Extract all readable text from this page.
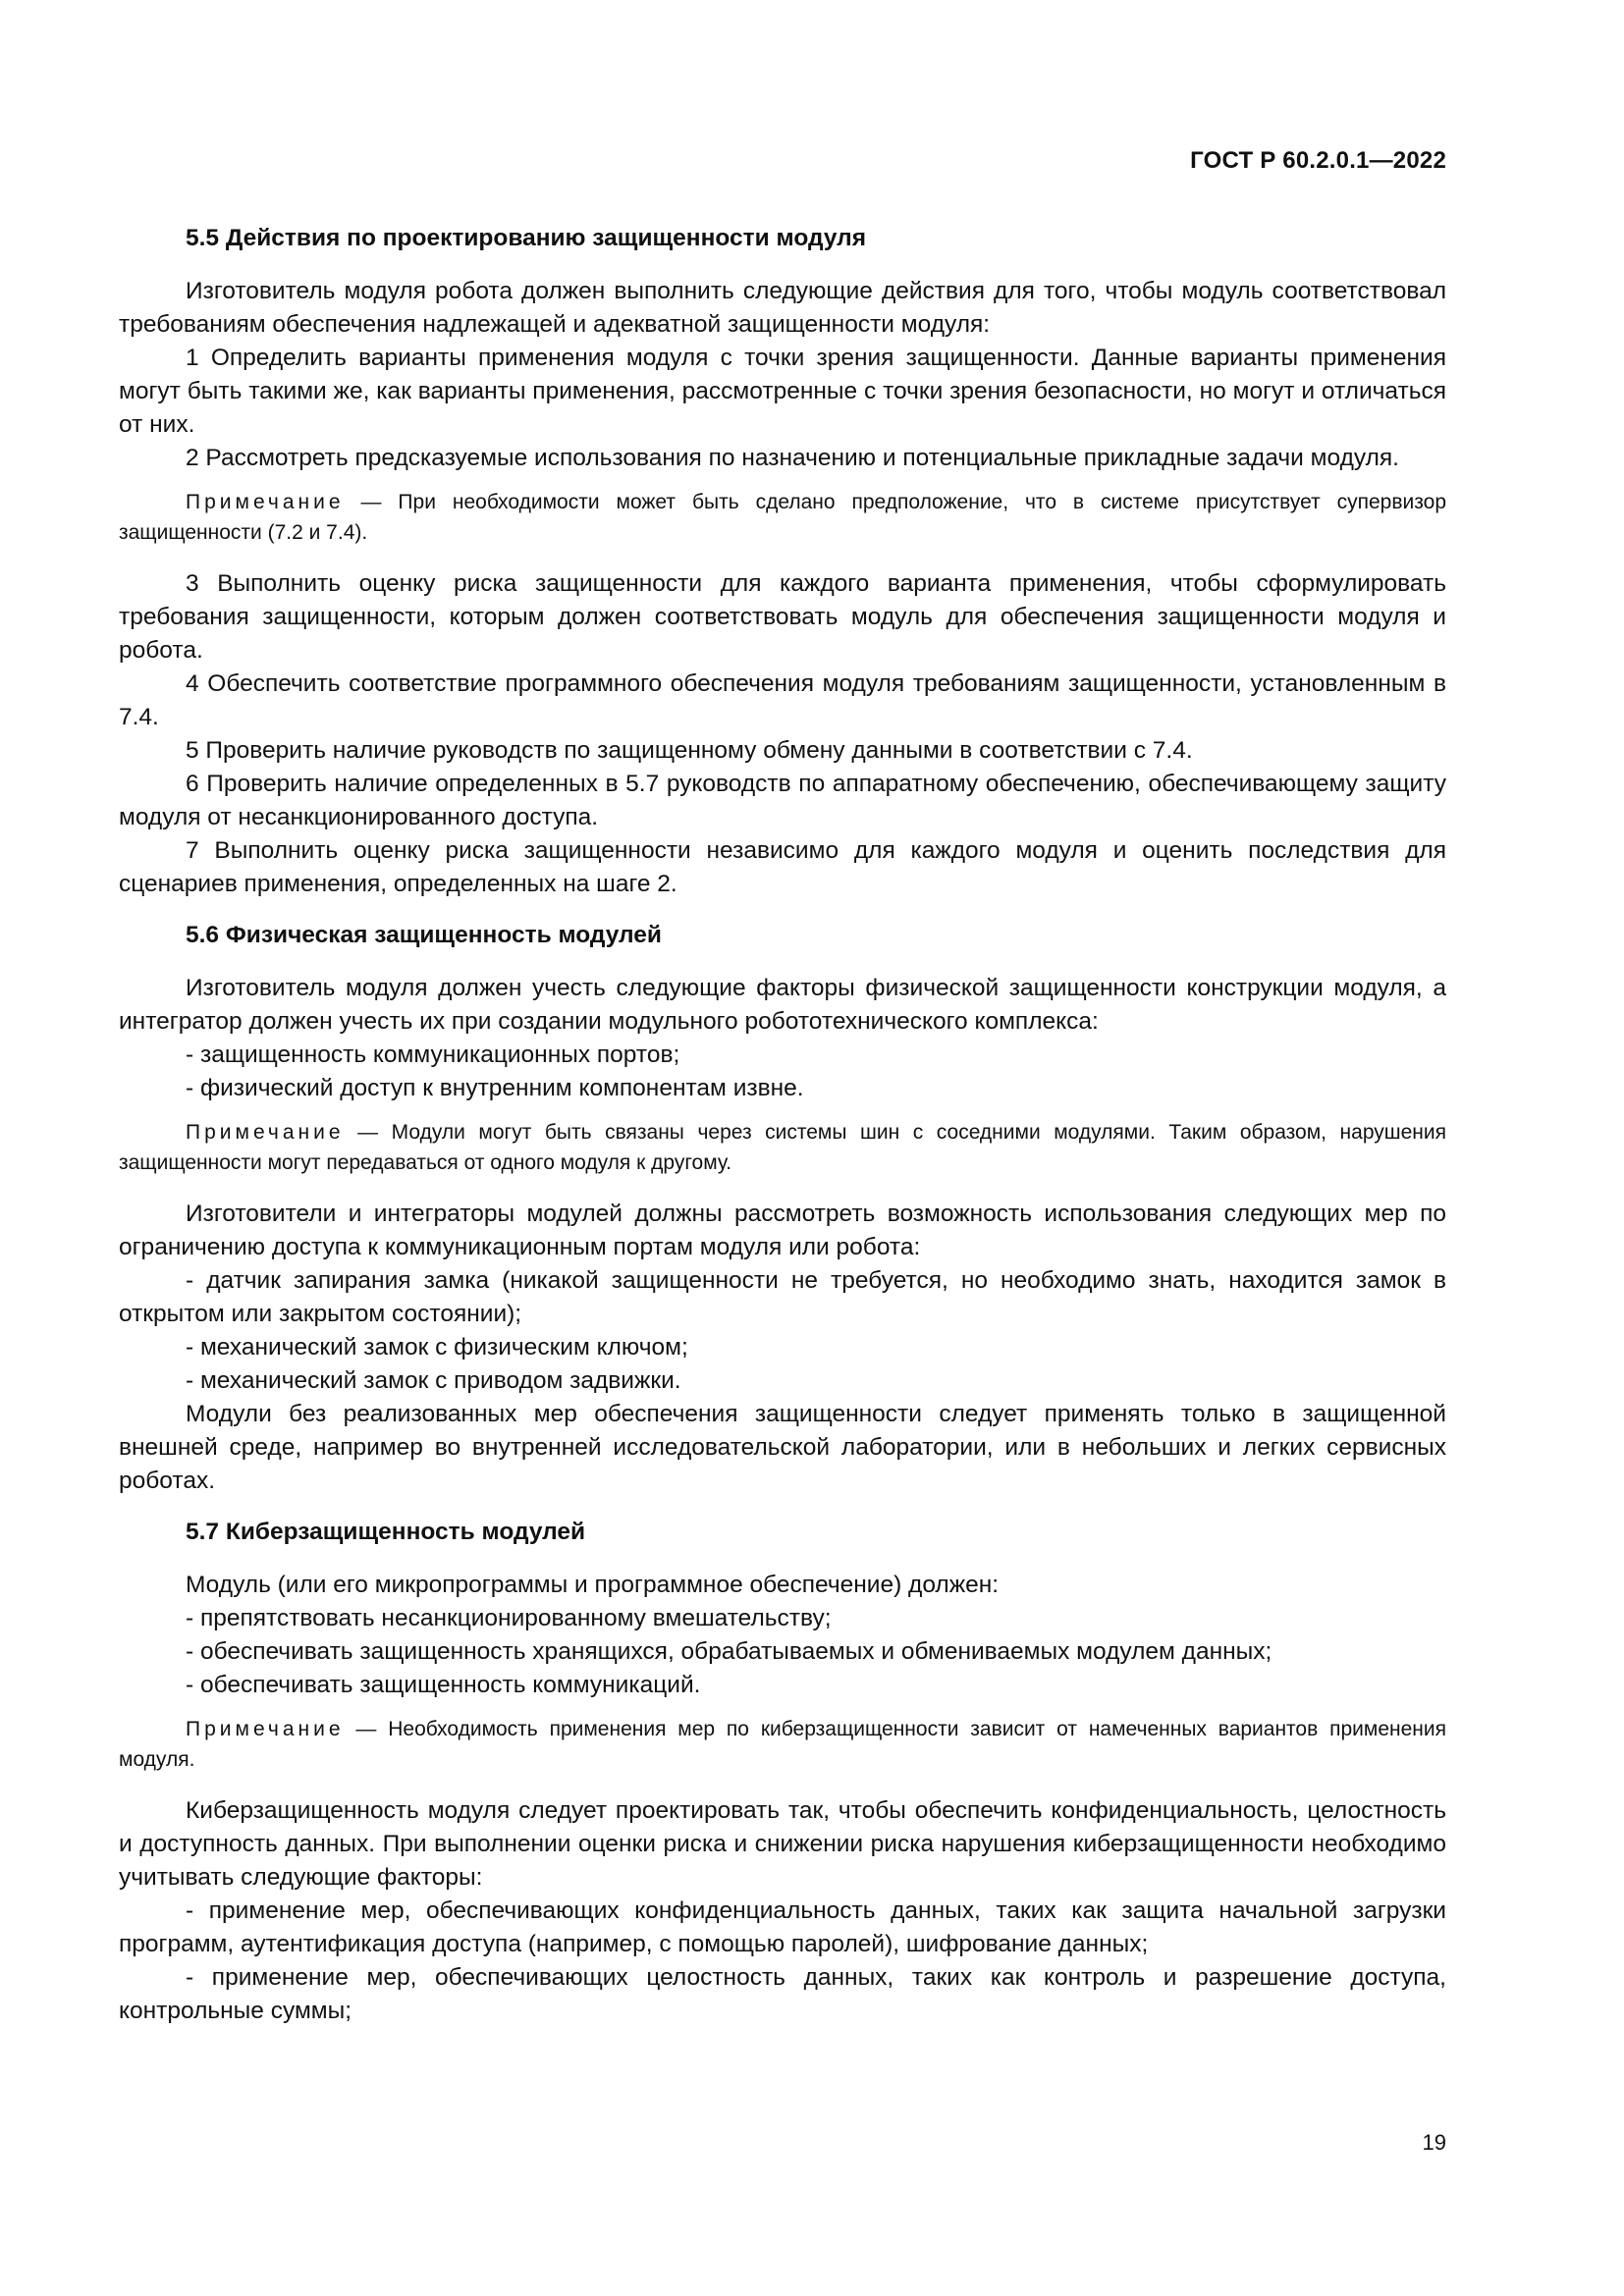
ГОСТ Р 60.2.0.1—2022
5.5 Действия по проектированию защищенности модуля
Изготовитель модуля робота должен выполнить следующие действия для того, чтобы модуль соответствовал требованиям обеспечения надлежащей и адекватной защищенности модуля:
1 Определить варианты применения модуля с точки зрения защищенности. Данные варианты применения могут быть такими же, как варианты применения, рассмотренные с точки зрения безопасности, но могут и отличаться от них.
2 Рассмотреть предсказуемые использования по назначению и потенциальные прикладные задачи модуля.
Примечание — При необходимости может быть сделано предположение, что в системе присутствует супервизор защищенности (7.2 и 7.4).
3 Выполнить оценку риска защищенности для каждого варианта применения, чтобы сформулировать требования защищенности, которым должен соответствовать модуль для обеспечения защищенности модуля и робота.
4 Обеспечить соответствие программного обеспечения модуля требованиям защищенности, установленным в 7.4.
5 Проверить наличие руководств по защищенному обмену данными в соответствии с 7.4.
6 Проверить наличие определенных в 5.7 руководств по аппаратному обеспечению, обеспечивающему защиту модуля от несанкционированного доступа.
7 Выполнить оценку риска защищенности независимо для каждого модуля и оценить последствия для сценариев применения, определенных на шаге 2.
5.6 Физическая защищенность модулей
Изготовитель модуля должен учесть следующие факторы физической защищенности конструкции модуля, а интегратор должен учесть их при создании модульного робототехнического комплекса:
- защищенность коммуникационных портов;
- физический доступ к внутренним компонентам извне.
Примечание — Модули могут быть связаны через системы шин с соседними модулями. Таким образом, нарушения защищенности могут передаваться от одного модуля к другому.
Изготовители и интеграторы модулей должны рассмотреть возможность использования следующих мер по ограничению доступа к коммуникационным портам модуля или робота:
- датчик запирания замка (никакой защищенности не требуется, но необходимо знать, находится замок в открытом или закрытом состоянии);
- механический замок с физическим ключом;
- механический замок с приводом задвижки.
Модули без реализованных мер обеспечения защищенности следует применять только в защищенной внешней среде, например во внутренней исследовательской лаборатории, или в небольших и легких сервисных роботах.
5.7 Киберзащищенность модулей
Модуль (или его микропрограммы и программное обеспечение) должен:
- препятствовать несанкционированному вмешательству;
- обеспечивать защищенность хранящихся, обрабатываемых и обмениваемых модулем данных;
- обеспечивать защищенность коммуникаций.
Примечание — Необходимость применения мер по киберзащищенности зависит от намеченных вариантов применения модуля.
Киберзащищенность модуля следует проектировать так, чтобы обеспечить конфиденциальность, целостность и доступность данных. При выполнении оценки риска и снижении риска нарушения киберзащищенности необходимо учитывать следующие факторы:
- применение мер, обеспечивающих конфиденциальность данных, таких как защита начальной загрузки программ, аутентификация доступа (например, с помощью паролей), шифрование данных;
- применение мер, обеспечивающих целостность данных, таких как контроль и разрешение доступа, контрольные суммы;
19
